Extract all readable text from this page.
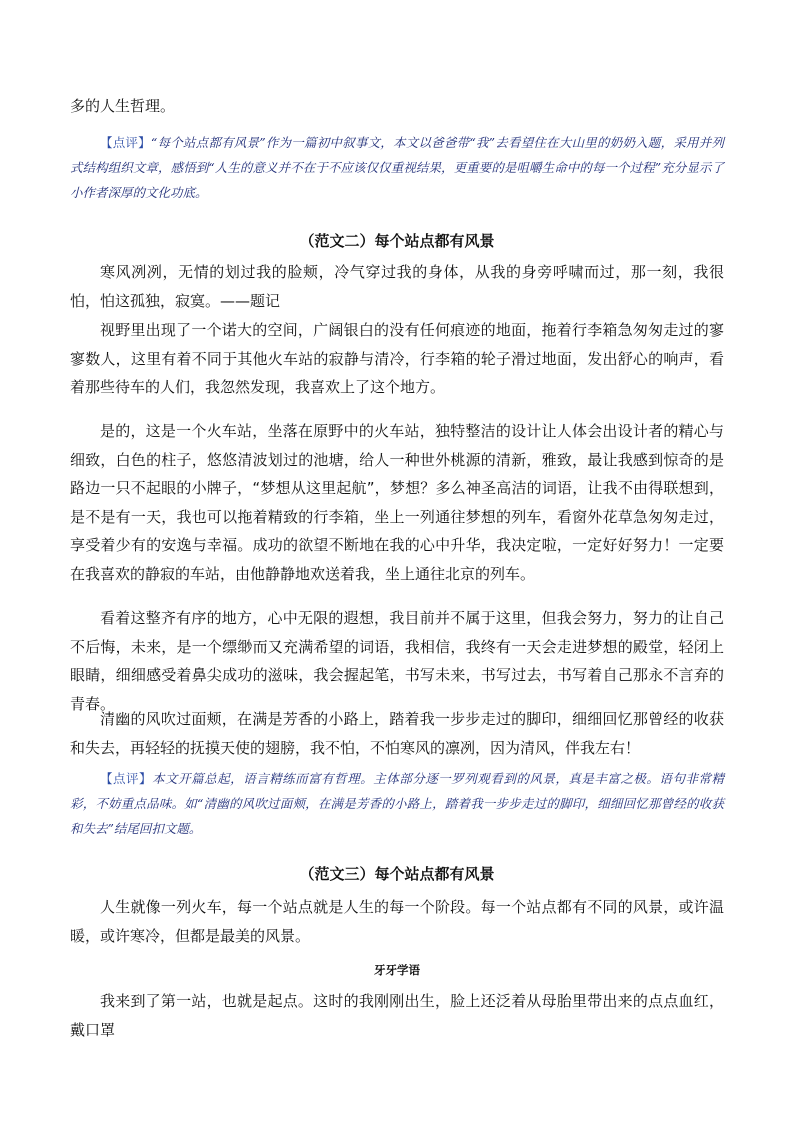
多的人生哲理。

【点评】“每个站点都有风景”作为一篇初中叙事文，本文以爸爸带“我”去看望住在大山里的奶奶入题，采用并列式结构组织文章，感悟到“人生的意义并不在于不应该仅仅重视结果，更重要的是咀嚼生命中的每一个过程”充分显示了小作者深厚的文化功底。

（范文二）每个站点都有风景

寒风冽冽，无情的划过我的脸颊，冷气穿过我的身体，从我的身旁呼啸而过，那一刻，我很怕，怕这孤独，寂寞。——题记

视野里出现了一个诺大的空间，广阔银白的没有任何痕迹的地面，拖着行李箱急匆匆走过的寥寥数人，这里有着不同于其他火车站的寂静与清冷，行李箱的轮子滑过地面，发出舒心的响声，看着那些待车的人们，我忽然发现，我喜欢上了这个地方。

是的，这是一个火车站，坐落在原野中的火车站，独特整洁的设计让人体会出设计者的精心与细致，白色的柱子，悠悠清波划过的池塘，给人一种世外桃源的清新，雅致，最让我感到惊奇的是路边一只不起眼的小牌子，“梦想从这里起航”，梦想？多么神圣高洁的词语，让我不由得联想到，是不是有一天，我也可以拖着精致的行李箱，坐上一列通往梦想的列车，看窗外花草急匆匆走过，享受着少有的安逸与幸福。成功的欲望不断地在我的心中升华，我决定啦，一定好好努力！一定要在我喜欢的静寂的车站，由他静静地欢送着我，坐上通往北京的列车。

看着这整齐有序的地方，心中无限的遐想，我目前并不属于这里，但我会努力，努力的让自己不后悔，未来，是一个缥缈而又充满希望的词语，我相信，我终有一天会走进梦想的殿堂，轻闭上眼睛，细细感受着鼻尖成功的滋味，我会握起笔，书写未来，书写过去，书写着自己那永不言弃的青春。

清幽的风吹过面颊，在满是芳香的小路上，踏着我一步步走过的脚印，细细回忆那曾经的收获和失去，再轻轻的抚摸天使的翅膀，我不怕，不怕寒风的凛冽，因为清风，伴我左右！

【点评】本文开篇总起，语言精练而富有哲理。主体部分逐一罗列观看到的风景，真是丰富之极。语句非常精彩，不妨重点品味。如“清幽的风吹过面颊，在满是芳香的小路上，踏着我一步步走过的脚印，细细回忆那曾经的收获和失去”结尾回扣文题。

（范文三）每个站点都有风景

人生就像一列火车，每一个站点就是人生的每一个阶段。每一个站点都有不同的风景，或许温暖，或许寒冷，但都是最美的风景。

牙牙学语

我来到了第一站，也就是起点。这时的我刚刚出生，脸上还泛着从母胎里带出来的点点血红，戴口罩
